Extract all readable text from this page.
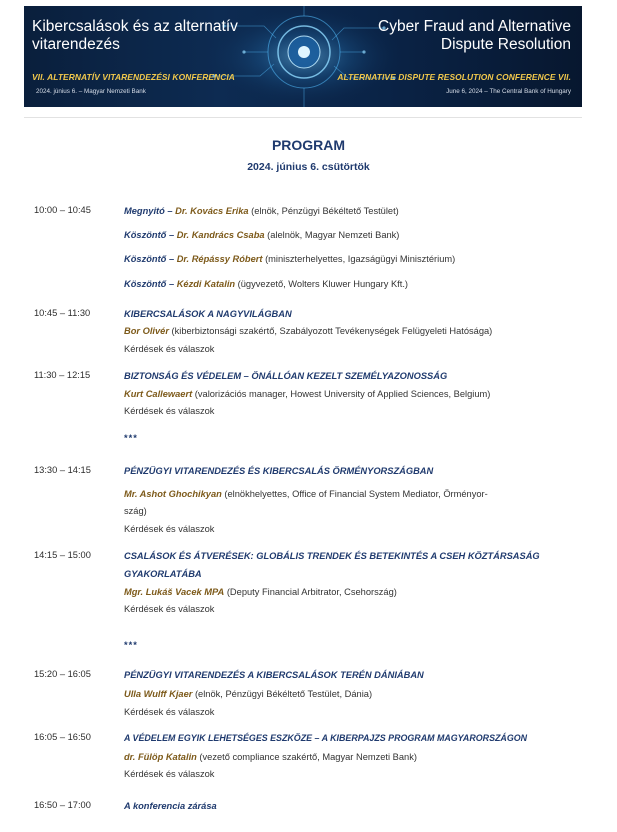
Kibercsalások és az alternatív
vitarendezés
VII. ALTERNATÍV VITARENDEZÉSI KONFERENCIA
2024. június 6. – Magyar Nemzeti Bank
Cyber Fraud and Alternative
Dispute Resolution
ALTERNATIVE DISPUTE RESOLUTION CONFERENCE VII.
June 6, 2024 – The Central Bank of Hungary
PROGRAM
2024. június 6. csütörtök
10:00 – 10:45	Megnyitó – Dr. Kovács Erika (elnök, Pénzügyi Békéltető Testület)
Köszöntő – Dr. Kandrács Csaba (alelnök, Magyar Nemzeti Bank)
Köszöntő – Dr. Répássy Róbert (miniszterhelyettes, Igazságügyi Minisztérium)
Köszöntő – Kézdi Katalin (ügyvezető, Wolters Kluwer Hungary Kft.)
10:45 – 11:30	KIBERCSALÁSOK A NAGYVILÁGBAN
Bor Olivér (kiberbiztonsági szakértő, Szabályozott Tevékenységek Felügyeleti Hatósága)
Kérdések és válaszok
11:30 – 12:15	BIZTONSÁG ÉS VÉDELEM – ÖNÁLLÓAN KEZELT SZEMÉLYAZONOSSÁG
Kurt Callewaert (valorizációs manager, Howest University of Applied Sciences, Belgium)
Kérdések és válaszok
***
13:30 – 14:15	PÉNZÜGYI VITARENDEZÉS ÉS KIBERCSALÁS ÖRMÉNYORSZÁGBAN
Mr. Ashot Ghochikyan (elnökhelyettes, Office of Financial System Mediator, Örményor-
szág)
Kérdések és válaszok
14:15 – 15:00	CSALÁSOK ÉS ÁTVERÉSEK: GLOBÁLIS TRENDEK ÉS BETEKINTÉS A CSEH KÖZTÁRSASÁG
GYAKORLATÁBA
Mgr. Lukáš Vacek MPA (Deputy Financial Arbitrator, Csehország)
Kérdések és válaszok
***
15:20 – 16:05	PÉNZÜGYI VITARENDEZÉS A KIBERCSALÁSOK TERÉN DÁNIÁBAN
Ulla Wulff Kjaer (elnök, Pénzügyi Békéltető Testület, Dánia)
Kérdések és válaszok
16:05 – 16:50	A VÉDELEM EGYIK LEHETSÉGES ESZKÖZE – A KIBERPAJZS PROGRAM MAGYARORSZÁGON
dr. Fülöp Katalin (vezető compliance szakértő, Magyar Nemzeti Bank)
Kérdések és válaszok
16:50 – 17:00	A konferencia zárása
